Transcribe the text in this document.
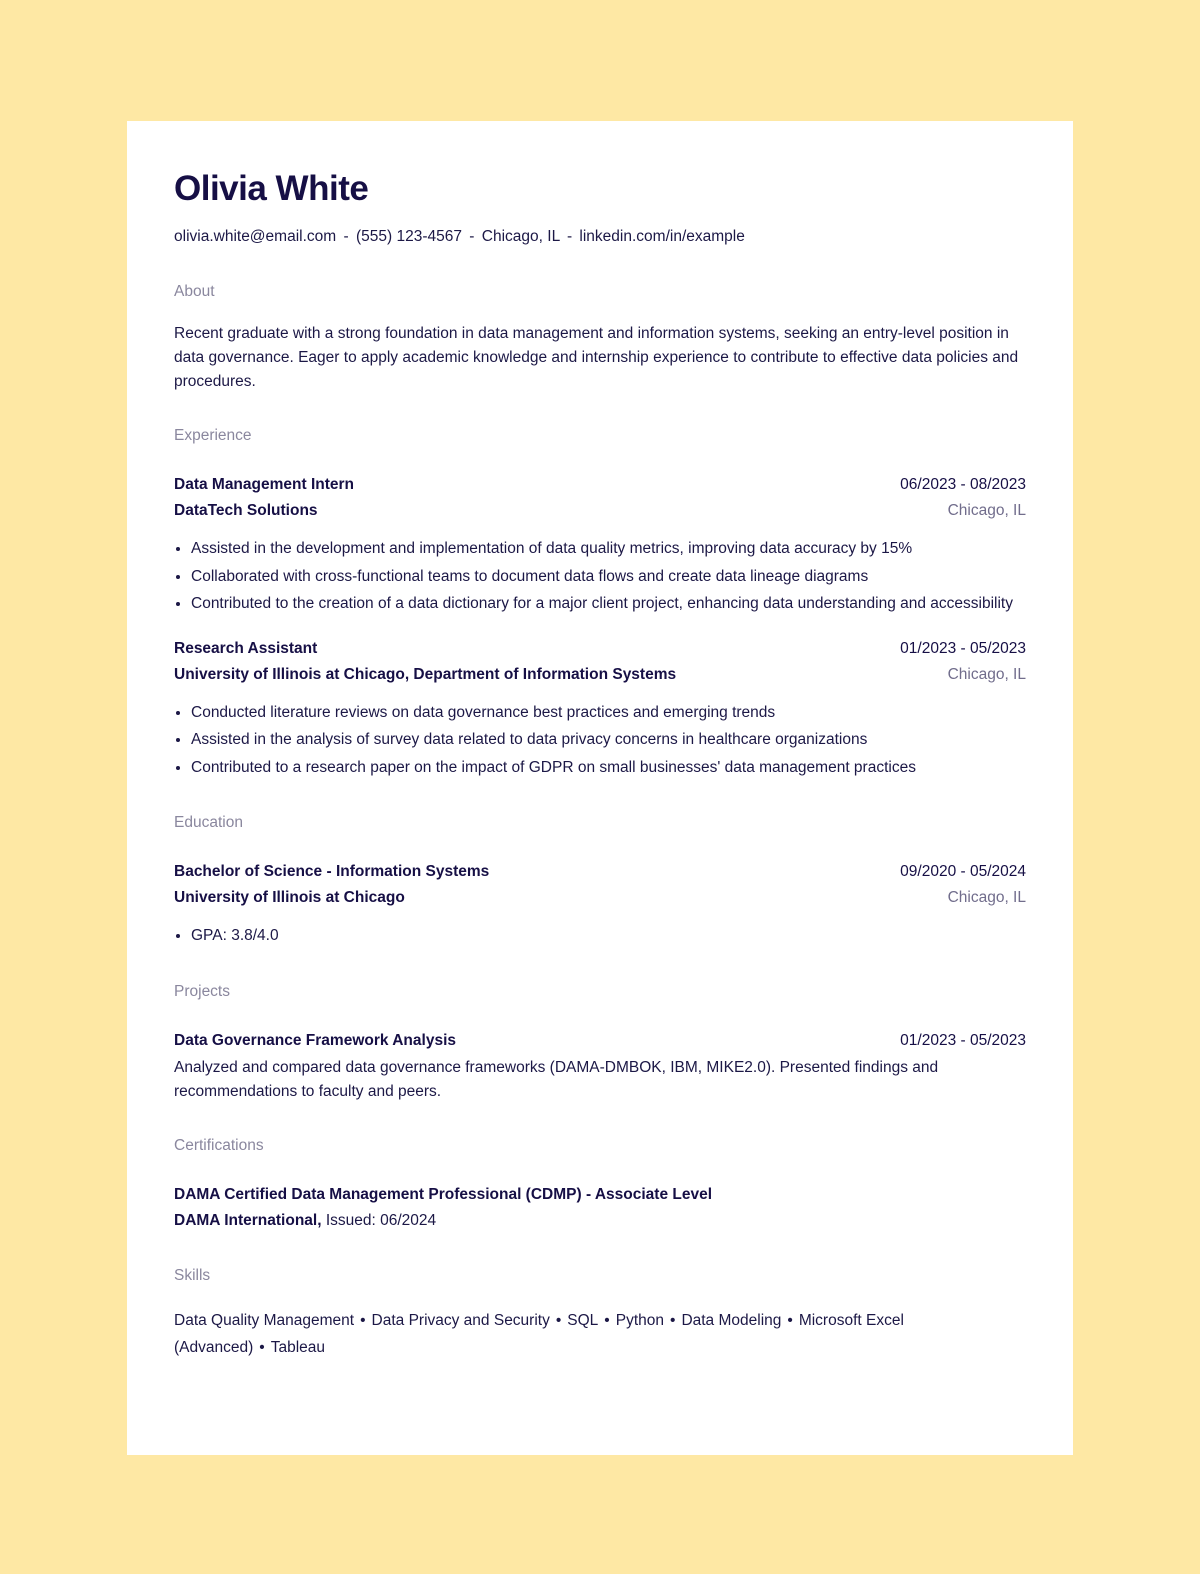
Olivia White
olivia.white@email.com - (555) 123-4567 - Chicago, IL - linkedin.com/in/example
About
Recent graduate with a strong foundation in data management and information systems, seeking an entry-level position in data governance. Eager to apply academic knowledge and internship experience to contribute to effective data policies and procedures.
Experience
Data Management Intern	06/2023 - 08/2023
DataTech Solutions	Chicago, IL
• Assisted in the development and implementation of data quality metrics, improving data accuracy by 15%
• Collaborated with cross-functional teams to document data flows and create data lineage diagrams
• Contributed to the creation of a data dictionary for a major client project, enhancing data understanding and accessibility
Research Assistant	01/2023 - 05/2023
University of Illinois at Chicago, Department of Information Systems	Chicago, IL
• Conducted literature reviews on data governance best practices and emerging trends
• Assisted in the analysis of survey data related to data privacy concerns in healthcare organizations
• Contributed to a research paper on the impact of GDPR on small businesses' data management practices
Education
Bachelor of Science - Information Systems	09/2020 - 05/2024
University of Illinois at Chicago	Chicago, IL
• GPA: 3.8/4.0
Projects
Data Governance Framework Analysis	01/2023 - 05/2023
Analyzed and compared data governance frameworks (DAMA-DMBOK, IBM, MIKE2.0). Presented findings and recommendations to faculty and peers.
Certifications
DAMA Certified Data Management Professional (CDMP) - Associate Level
DAMA International, Issued: 06/2024
Skills
Data Quality Management • Data Privacy and Security • SQL • Python • Data Modeling • Microsoft Excel (Advanced) • Tableau
